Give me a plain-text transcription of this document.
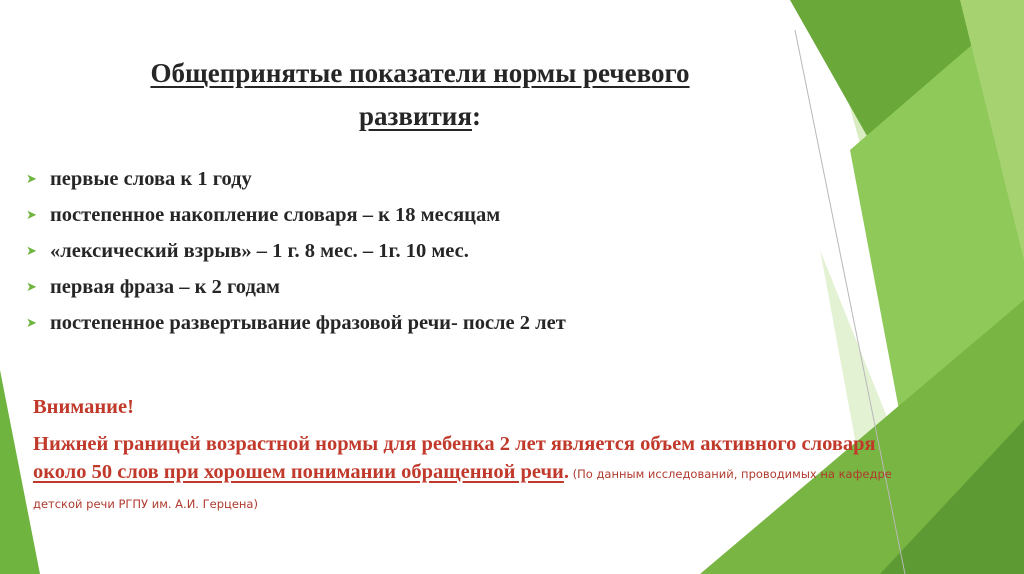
Общепринятые показатели нормы речевого
развития:
➤ первые слова к 1 году
➤ постепенное накопление словаря – к 18 месяцам
➤ «лексический взрыв» – 1 г. 8 мес. – 1г. 10 мес.
➤ первая фраза – к 2 годам
➤ постепенное развертывание фразовой речи- после 2 лет
Внимание!
Нижней границей возрастной нормы для ребенка 2 лет является объем активного словаря около 50 слов при хорошем понимании обращенной речи. (По данным исследований, проводимых на кафедре детской речи РГПУ им. А.И. Герцена)
